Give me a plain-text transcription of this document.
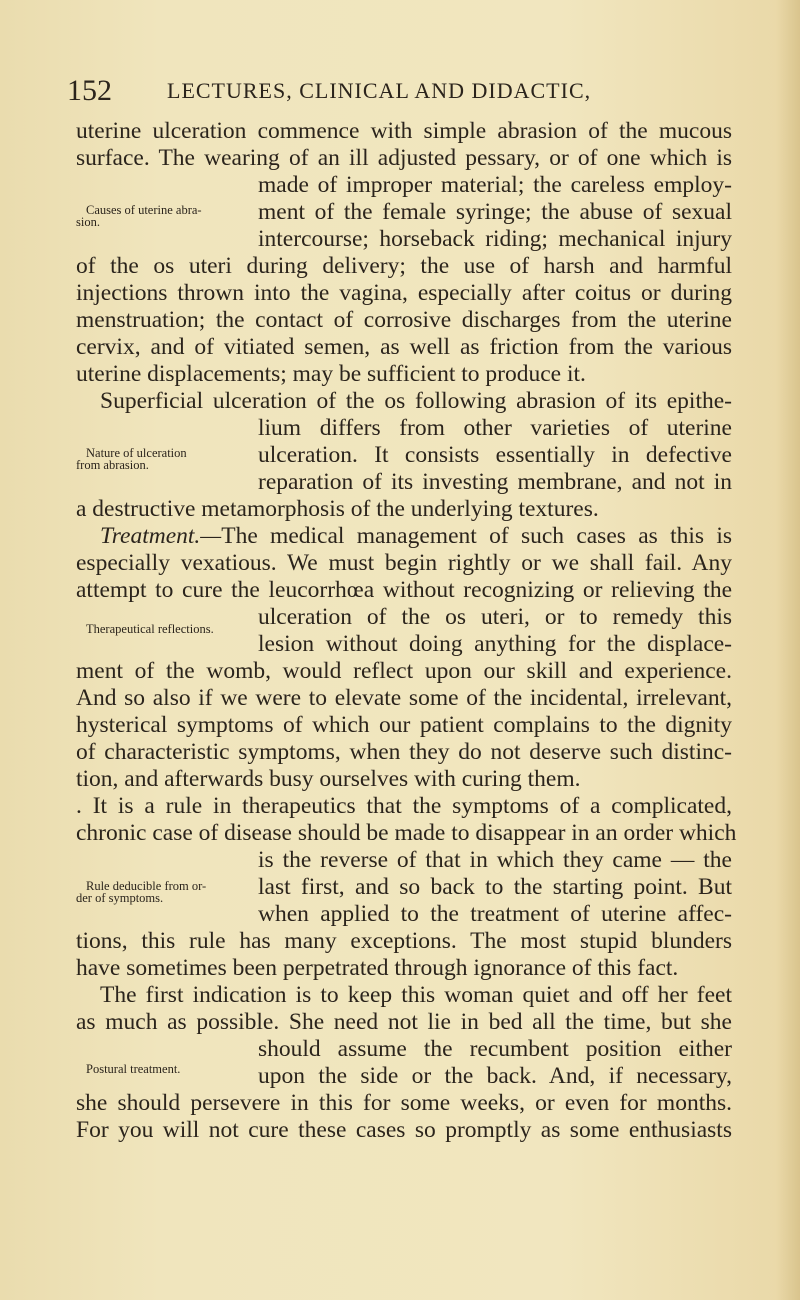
152	LECTURES, CLINICAL AND DIDACTIC,
uterine ulceration commence with simple abrasion of the mucous
surface. The wearing of an ill adjusted pessary, or of one which is
made of improper material; the careless employ-
ment of the female syringe; the abuse of sexual
intercourse; horseback riding; mechanical injury
of the os uteri during delivery; the use of harsh and harmful
injections thrown into the vagina, especially after coitus or during
menstruation; the contact of corrosive discharges from the uterine
cervix, and of vitiated semen, as well as friction from the various
uterine displacements; may be sufficient to produce it.
Superficial ulceration of the os following abrasion of its epithe-
lium differs from other varieties of uterine
ulceration. It consists essentially in defective
reparation of its investing membrane, and not in
a destructive metamorphosis of the underlying textures.
Treatment.—The medical management of such cases as this is
especially vexatious. We must begin rightly or we shall fail. Any
attempt to cure the leucorrhœa without recognizing or relieving the
ulceration of the os uteri, or to remedy this
lesion without doing anything for the displace-
ment of the womb, would reflect upon our skill and experience.
And so also if we were to elevate some of the incidental, irrelevant,
hysterical symptoms of which our patient complains to the dignity
of characteristic symptoms, when they do not deserve such distinc-
tion, and afterwards busy ourselves with curing them.
. It is a rule in therapeutics that the symptoms of a complicated,
chronic case of disease should be made to disappear in an order which
is the reverse of that in which they came — the
last first, and so back to the starting point. But
when applied to the treatment of uterine affec-
tions, this rule has many exceptions. The most stupid blunders
have sometimes been perpetrated through ignorance of this fact.
The first indication is to keep this woman quiet and off her feet
as much as possible. She need not lie in bed all the time, but she
should assume the recumbent position either
upon the side or the back. And, if necessary,
she should persevere in this for some weeks, or even for months.
For you will not cure these cases so promptly as some enthusiasts
Causes of uterine abra-
sion.
Nature of ulceration
from abrasion.
Therapeutical reflections.
Rule deducible from or-
der of symptoms.
Postural treatment.
